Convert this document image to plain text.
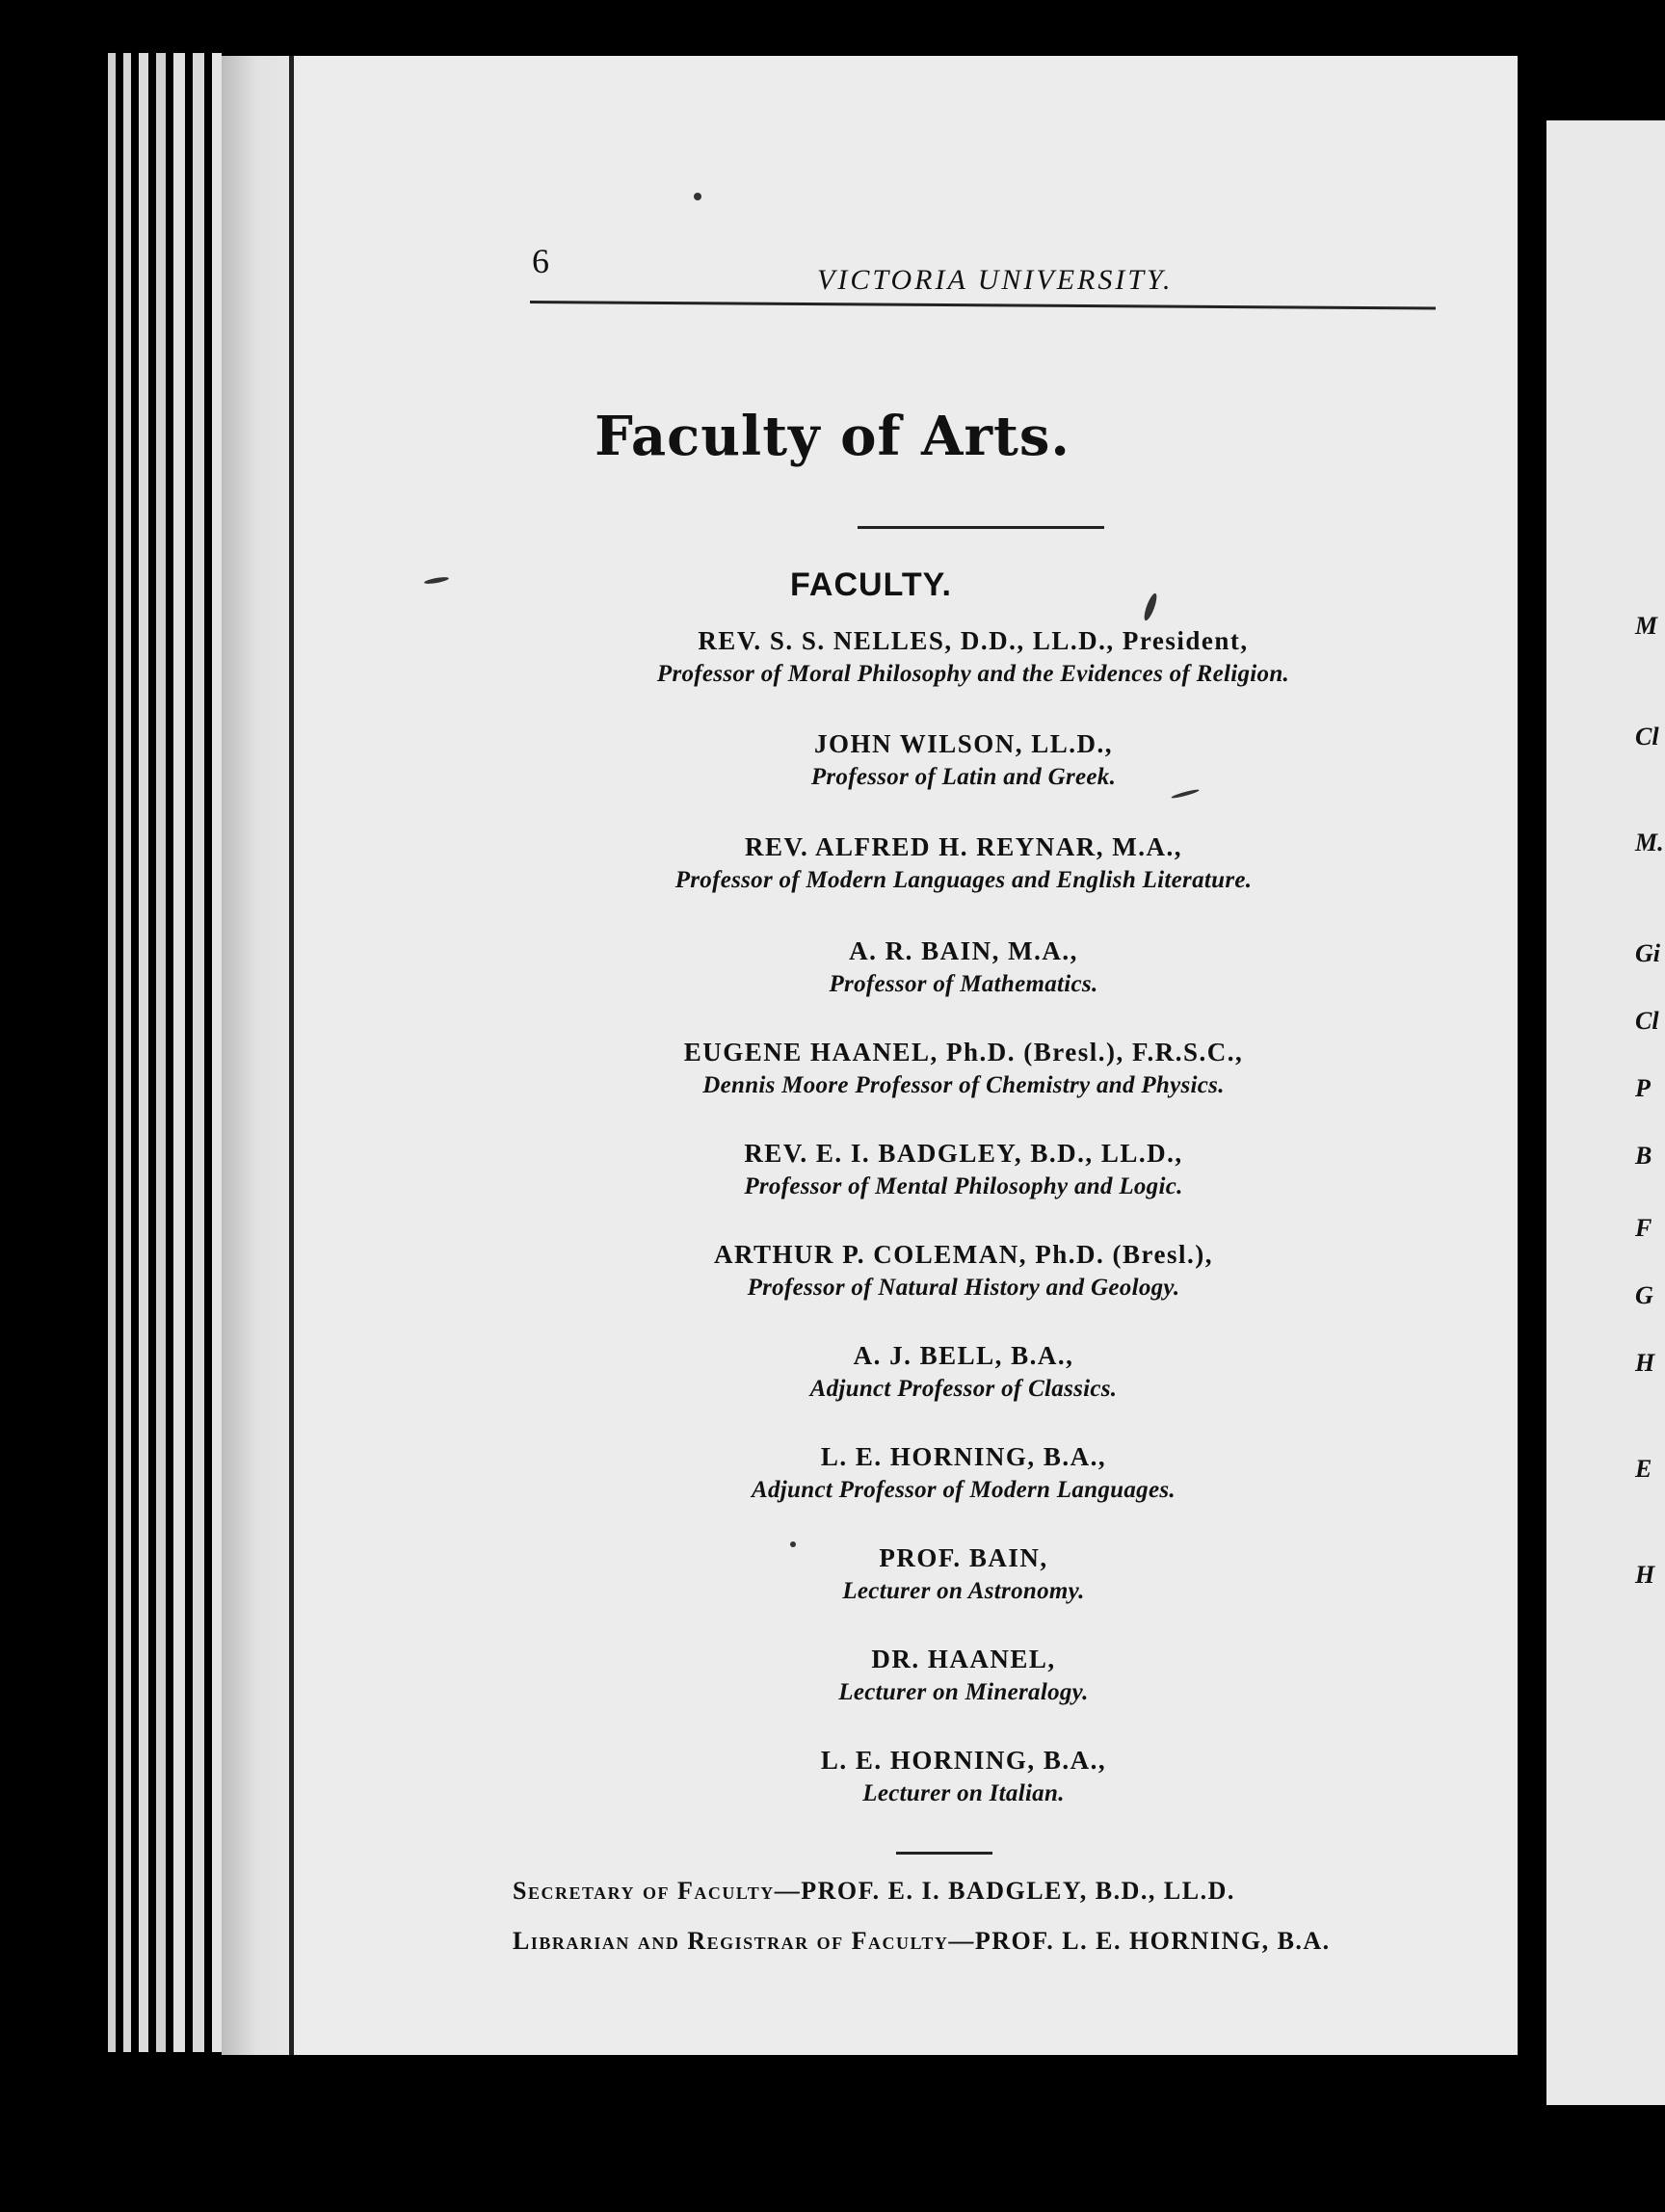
M
Cl
M.
Gi
Cl
P
B
F
G
H
E
H
6	VICTORIA UNIVERSITY.
Faculty of Arts.
FACULTY.
REV. S. S. NELLES, D.D., LL.D., President,
Professor of Moral Philosophy and the Evidences of Religion.
JOHN WILSON, LL.D.,
Professor of Latin and Greek.
REV. ALFRED H. REYNAR, M.A.,
Professor of Modern Languages and English Literature.
A. R. BAIN, M.A.,
Professor of Mathematics.
EUGENE HAANEL, Ph.D. (Bresl.), F.R.S.C.,
Dennis Moore Professor of Chemistry and Physics.
REV. E. I. BADGLEY, B.D., LL.D.,
Professor of Mental Philosophy and Logic.
ARTHUR P. COLEMAN, Ph.D. (Bresl.),
Professor of Natural History and Geology.
A. J. BELL, B.A.,
Adjunct Professor of Classics.
L. E. HORNING, B.A.,
Adjunct Professor of Modern Languages.
PROF. BAIN,
Lecturer on Astronomy.
DR. HAANEL,
Lecturer on Mineralogy.
L. E. HORNING, B.A.,
Lecturer on Italian.
Secretary of Faculty—PROF. E. I. BADGLEY, B.D., LL.D.
Librarian and Registrar of Faculty—PROF. L. E. HORNING, B.A.
